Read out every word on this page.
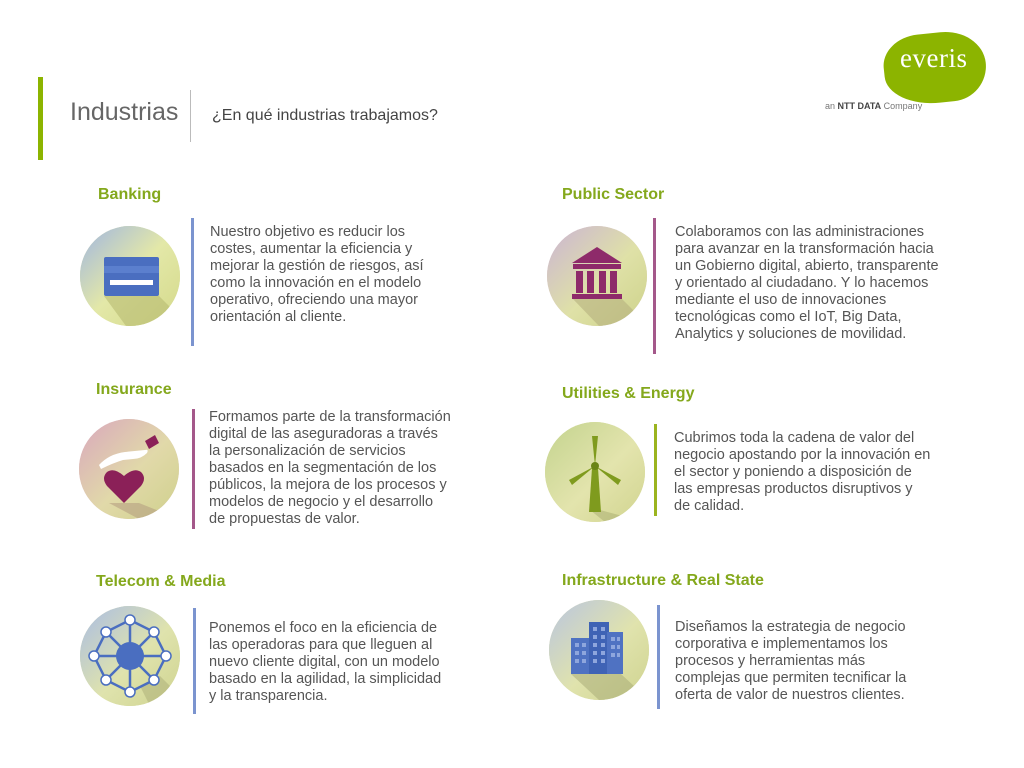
Industrias ¿En qué industrias trabajamos?
everis
an NTT DATA Company
Banking
Nuestro objetivo es reducir los
costes, aumentar la eficiencia y
mejorar la gestión de riesgos, así
como la innovación en el modelo
operativo, ofreciendo una mayor
orientación al cliente.
Public Sector
Colaboramos con las administraciones
para avanzar en la transformación hacia
un Gobierno digital, abierto, transparente
y orientado al ciudadano. Y lo hacemos
mediante el uso de innovaciones
tecnológicas como el IoT, Big Data,
Analytics y soluciones de movilidad.
Insurance
Formamos parte de la transformación
digital de las aseguradoras a través
la personalización de servicios
basados en la segmentación de los
públicos, la mejora de los procesos y
modelos de negocio y el desarrollo
de propuestas de valor.
Utilities & Energy
Cubrimos toda la cadena de valor del
negocio apostando por la innovación en
el sector y poniendo a disposición de
las empresas productos disruptivos y
de calidad.
Telecom & Media
Ponemos el foco en la eficiencia de
las operadoras para que lleguen al
nuevo cliente digital, con un modelo
basado en la agilidad, la simplicidad
y la transparencia.
Infrastructure & Real State
Diseñamos la estrategia de negocio
corporativa e implementamos los
procesos y herramientas más
complejas que permiten tecnificar la
oferta de valor de nuestros clientes.
